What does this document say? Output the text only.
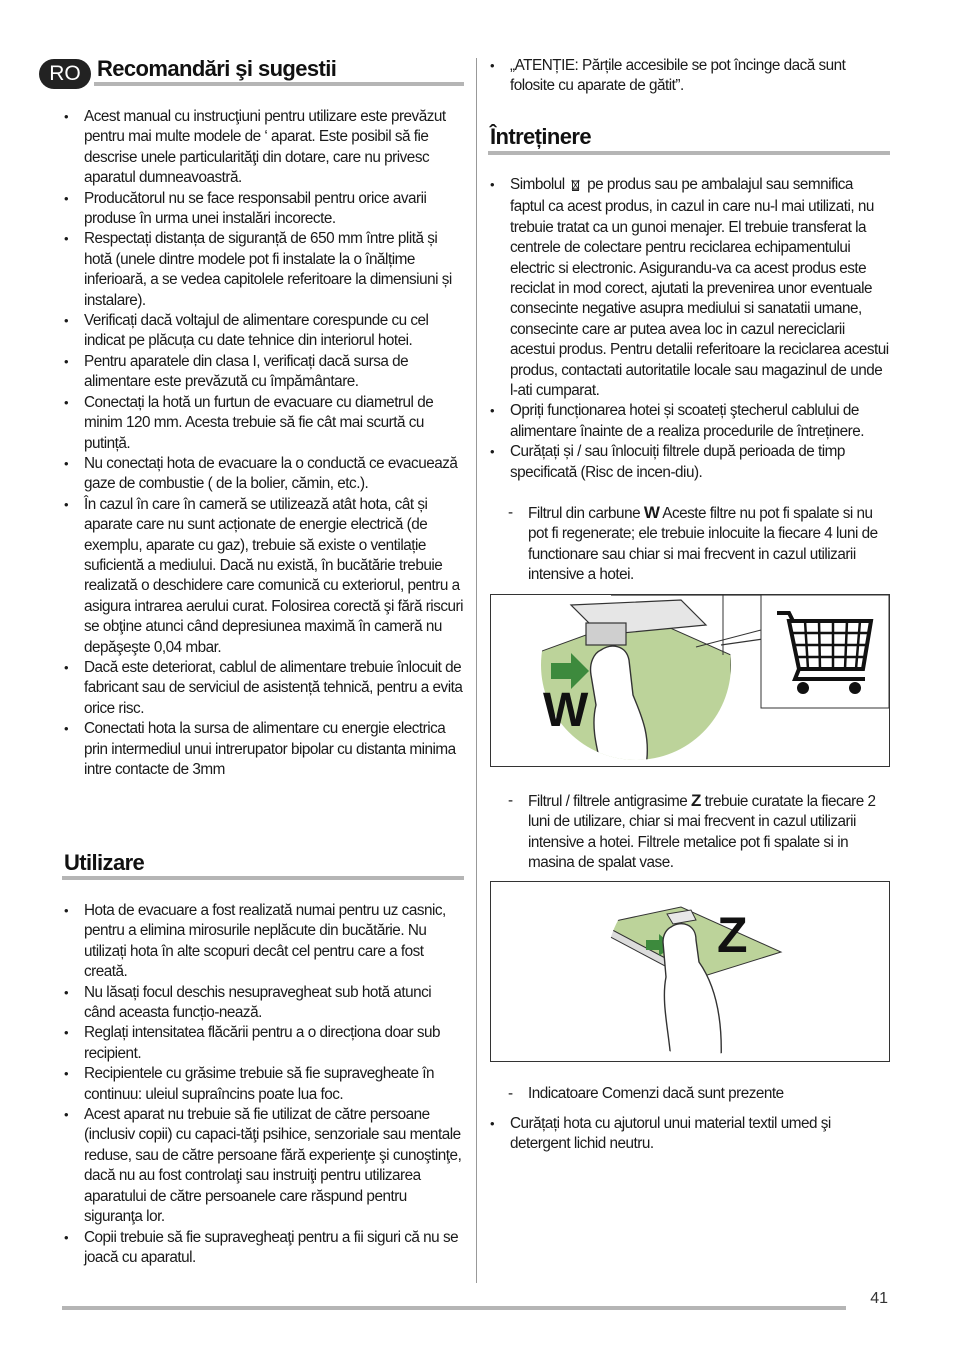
RO Recomandări şi sugestii
• Acest manual cu instrucţiuni pentru utilizare este prevăzut pentru mai multe modele de ‘ aparat. Este posibil să fie descrise unele particularităţi din dotare, care nu privesc aparatul dumneavoastră.
• Producătorul nu se face responsabil pentru orice avarii produse în urma unei instalări incorecte.
• Respectați distanța de siguranță de 650 mm între plită și hotă (unele dintre modele pot fi instalate la o înălțime inferioară, a se vedea capitolele referitoare la dimensiuni și instalare).
• Verificați dacă voltajul de alimentare corespunde cu cel indicat pe plăcuța cu date tehnice din interiorul hotei.
• Pentru aparatele din clasa I, verificați dacă sursa de alimentare este prevăzută cu împământare.
• Conectați la hotă un furtun de evacuare cu diametrul de minim 120 mm. Acesta trebuie să fie cât mai scurtă cu putință.
• Nu conectați hota de evacuare la o conductă ce evacuează gaze de combustie ( de la bolier, cămin, etc.).
• În cazul în care în cameră se utilizează atât hota, cât și aparate care nu sunt acționate de energie electrică (de exemplu, aparate cu gaz), trebuie să existe o ventilație suficientă a mediului. Dacă nu există, în bucătărie trebuie realizată o deschidere care comunică cu exteriorul, pentru a asigura intrarea aerului curat. Folosirea corectă şi fără riscuri se obţine atunci când depresiunea maximă în cameră nu depăşeşte 0,04 mbar.
• Dacă este deteriorat, cablul de alimentare trebuie înlocuit de fabricant sau de serviciul de asistență tehnică, pentru a evita orice risc.
• Conectati hota la sursa de alimentare cu energie electrica prin intermediul unui intrerupator bipolar cu distanta minima intre contacte de 3mm
Utilizare
• Hota de evacuare a fost realizată numai pentru uz casnic, pentru a elimina mirosurile neplăcute din bucătărie. Nu utilizați hota în alte scopuri decât cel pentru care a fost creată.
• Nu lăsați focul deschis nesupravegheat sub hotă atunci când aceasta funcțio-nează.
• Reglați intensitatea flăcării pentru a o direcționa doar sub recipient.
• Recipientele cu grăsime trebuie să fie supravegheate în continuu: uleiul supraîncins poate lua foc.
• Acest aparat nu trebuie să fie utilizat de către persoane (inclusiv copii) cu capaci-tăţi psihice, senzoriale sau mentale reduse, sau de către persoane fără experienţe şi cunoştinţe, dacă nu au fost controlaţi sau instruiţi pentru utilizarea aparatului de către persoanele care răspund pentru siguranţa lor.
• Copii trebuie să fie supravegheaţi pentru a fii siguri că nu se joacă cu aparatul.
• „ATENȚIE: Părțile accesibile se pot încinge dacă sunt folosite cu aparate de gătit”.
Întreținere
• Simbolul pe produs sau pe ambalajul sau semnifica faptul ca acest produs, in cazul in care nu-l mai utilizati, nu trebuie tratat ca un gunoi menajer. El trebuie transferat la centrele de colectare pentru reciclarea echipamentului electric si electronic. Asigurandu-va ca acest produs este reciclat in mod corect, ajutati la prevenirea unor eventuale consecinte negative asupra mediului si sanatatii umane, consecinte care ar putea avea loc in cazul nereciclarii acestui produs. Pentru detalii referitoare la reciclarea acestui produs, contactati autoritatile locale sau magazinul de unde l-ati cumparat.
• Opriți funcționarea hotei și scoateți ştecherul cablului de alimentare înainte de a realiza procedurile de întreținere.
• Curățați și / sau înlocuiți filtrele după perioada de timp specificată (Risc de incen-diu).
- Filtrul din carbune W Aceste filtre nu pot fi spalate si nu pot fi regenerate; ele trebuie inlocuite la fiecare 4 luni de functionare sau chiar si mai frecvent in cazul utilizarii intensive a hotei.
W
- Filtrul / filtrele antigrasime Z trebuie curatate la fiecare 2 luni de utilizare, chiar si mai frecvent in cazul utilizarii intensive a hotei. Filtrele metalice pot fi spalate si in masina de spalat vase.
Z
- Indicatoare Comenzi dacă sunt prezente
• Curățați hota cu ajutorul unui material textil umed şi detergent lichid neutru.
41
